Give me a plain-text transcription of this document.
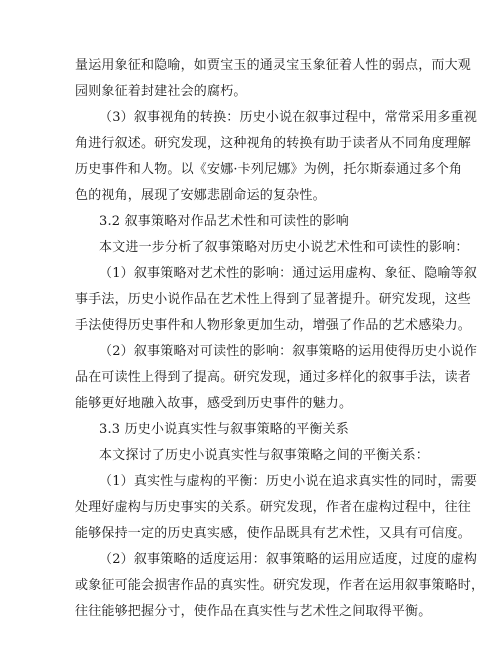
量运用象征和隐喻，如贾宝玉的通灵宝玉象征着人性的弱点，而大观
园则象征着封建社会的腐朽。
（3）叙事视角的转换：历史小说在叙事过程中，常常采用多重视
角进行叙述。研究发现，这种视角的转换有助于读者从不同角度理解
历史事件和人物。以《安娜·卡列尼娜》为例，托尔斯泰通过多个角
色的视角，展现了安娜悲剧命运的复杂性。
3.2 叙事策略对作品艺术性和可读性的影响
本文进一步分析了叙事策略对历史小说艺术性和可读性的影响：
（1）叙事策略对艺术性的影响：通过运用虚构、象征、隐喻等叙
事手法，历史小说作品在艺术性上得到了显著提升。研究发现，这些
手法使得历史事件和人物形象更加生动，增强了作品的艺术感染力。
（2）叙事策略对可读性的影响：叙事策略的运用使得历史小说作
品在可读性上得到了提高。研究发现，通过多样化的叙事手法，读者
能够更好地融入故事，感受到历史事件的魅力。
3.3 历史小说真实性与叙事策略的平衡关系
本文探讨了历史小说真实性与叙事策略之间的平衡关系：
（1）真实性与虚构的平衡：历史小说在追求真实性的同时，需要
处理好虚构与历史事实的关系。研究发现，作者在虚构过程中，往往
能够保持一定的历史真实感，使作品既具有艺术性，又具有可信度。
（2）叙事策略的适度运用：叙事策略的运用应适度，过度的虚构
或象征可能会损害作品的真实性。研究发现，作者在运用叙事策略时，
往往能够把握分寸，使作品在真实性与艺术性之间取得平衡。
